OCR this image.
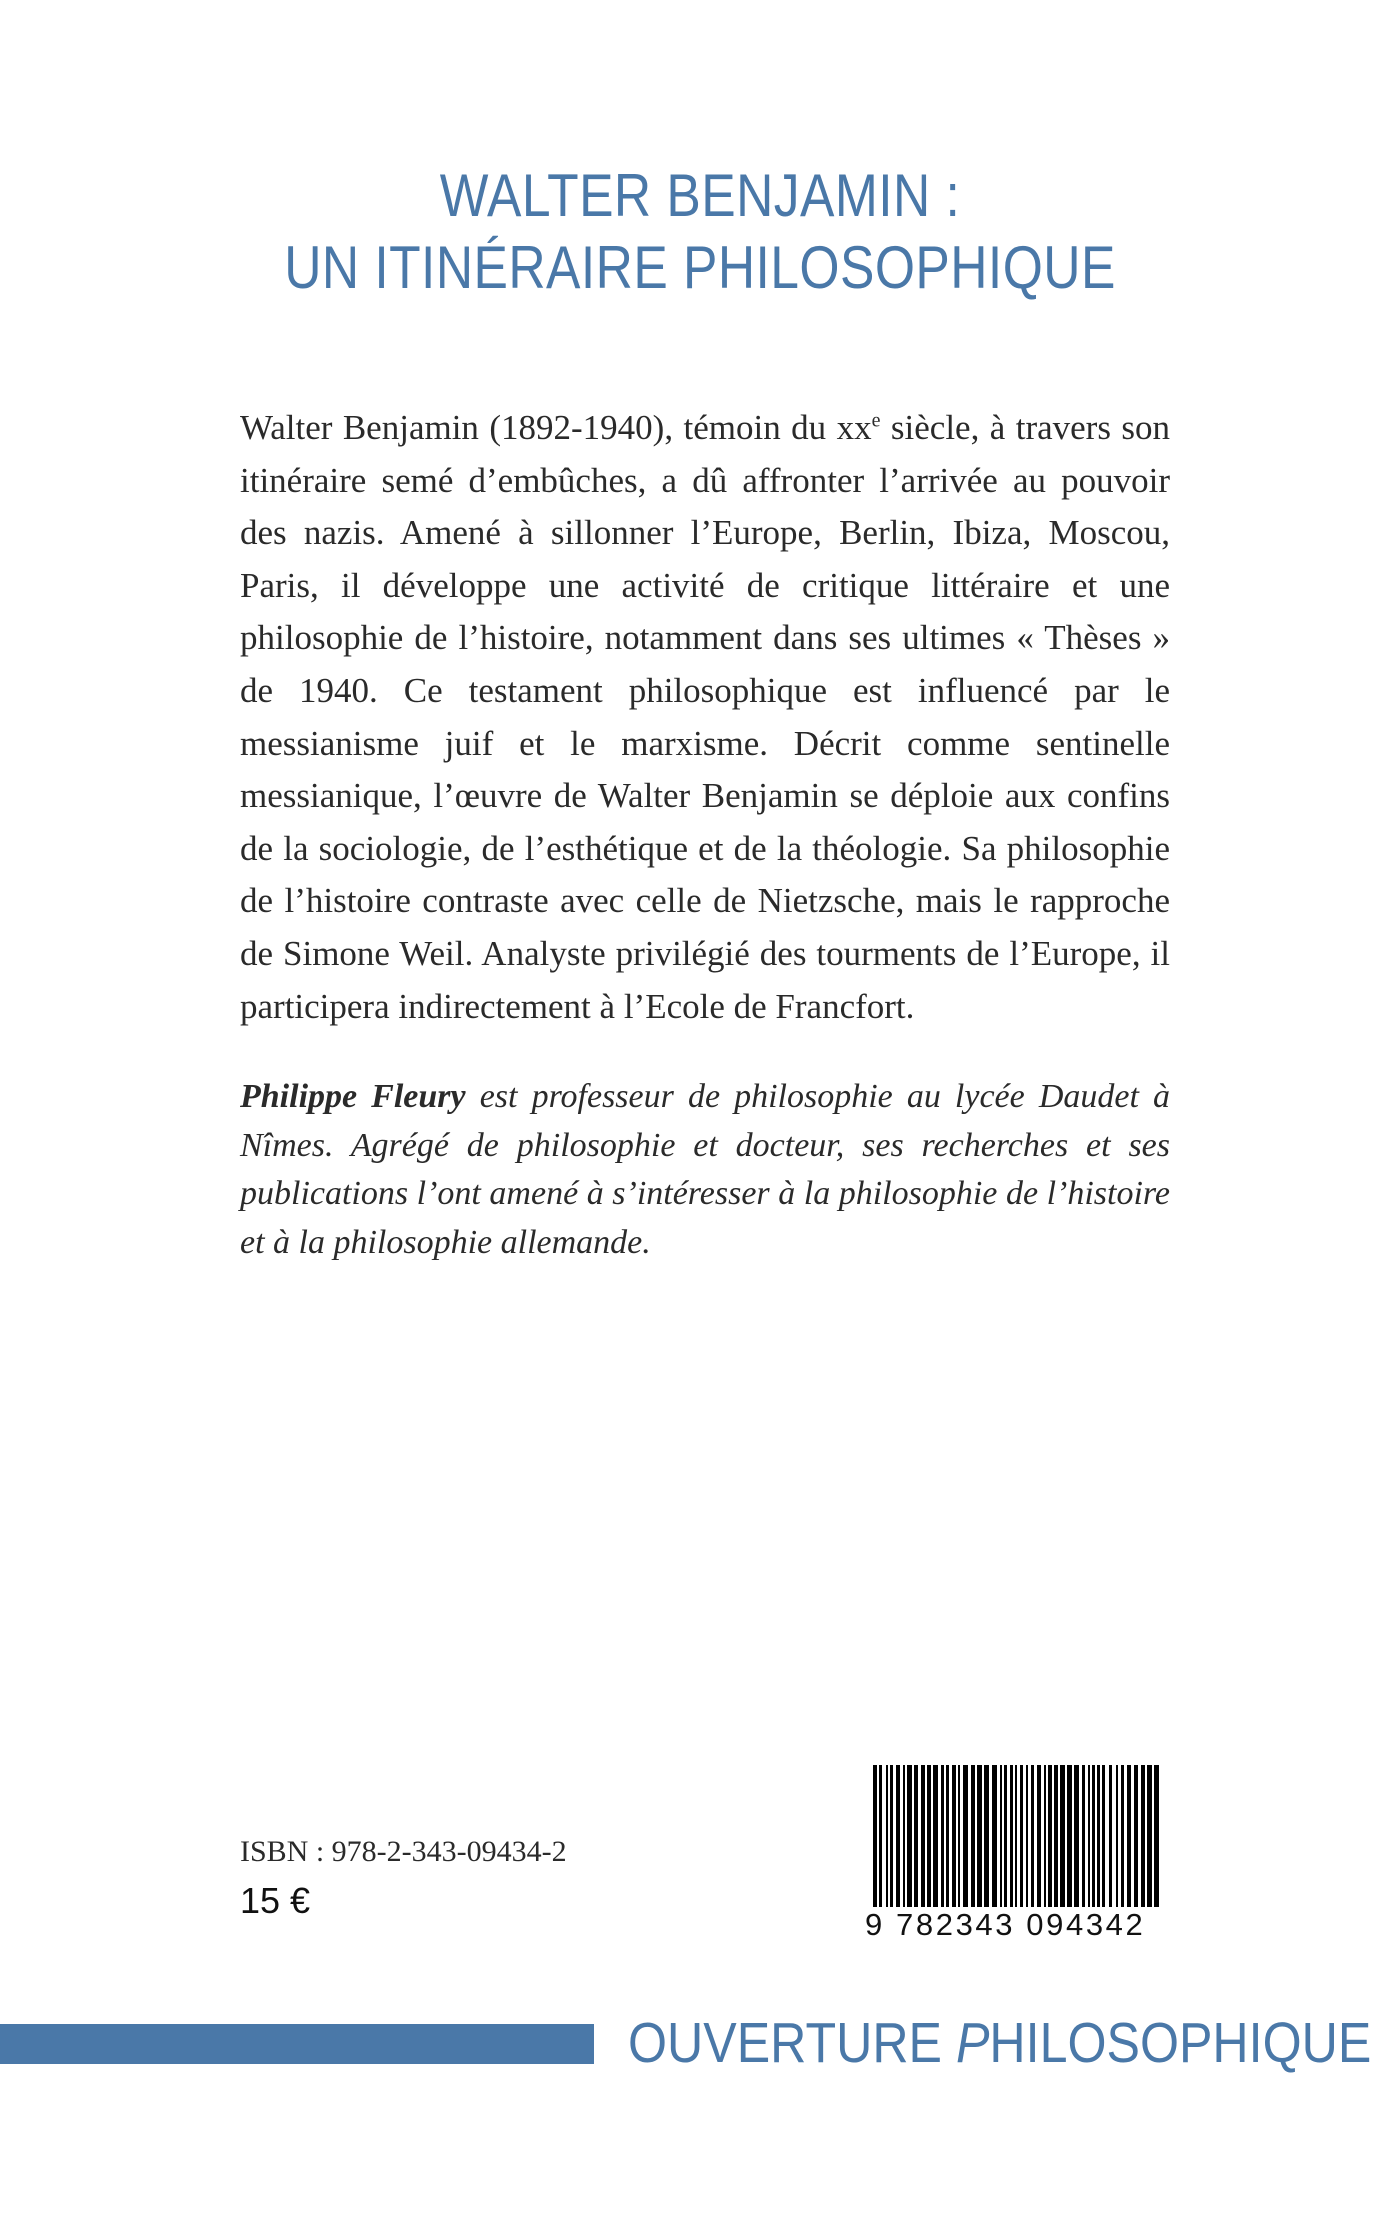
WALTER BENJAMIN :
UN ITINÉRAIRE PHILOSOPHIQUE
Walter Benjamin (1892-1940), témoin du $xx^e$ siècle, à travers son itinéraire semé d’embûches, a dû affronter l’arrivée au pouvoir des nazis. Amené à sillonner l’Europe, Berlin, Ibiza, Moscou, Paris, il développe une activité de critique littéraire et une philosophie de l’histoire, notamment dans ses ultimes « Thèses » de 1940. Ce testament philosophique est influencé par le messianisme juif et le marxisme. Décrit comme sentinelle messianique, l’œuvre de Walter Benjamin se déploie aux confins de la sociologie, de l’esthétique et de la théologie. Sa philosophie de l’histoire contraste avec celle de Nietzsche, mais le rapproche de Simone Weil. Analyste privilégié des tourments de l’Europe, il participera indirectement à l’Ecole de Francfort.
Philippe Fleury est professeur de philosophie au lycée Daudet à Nîmes. Agrégé de philosophie et docteur, ses recherches et ses publications l’ont amené à s’intéresser à la philosophie de l’histoire et à la philosophie allemande.
ISBN : 978-2-343-09434-2
15 €
9 782343 094342
OUVERTURE PHILOSOPHIQUE
